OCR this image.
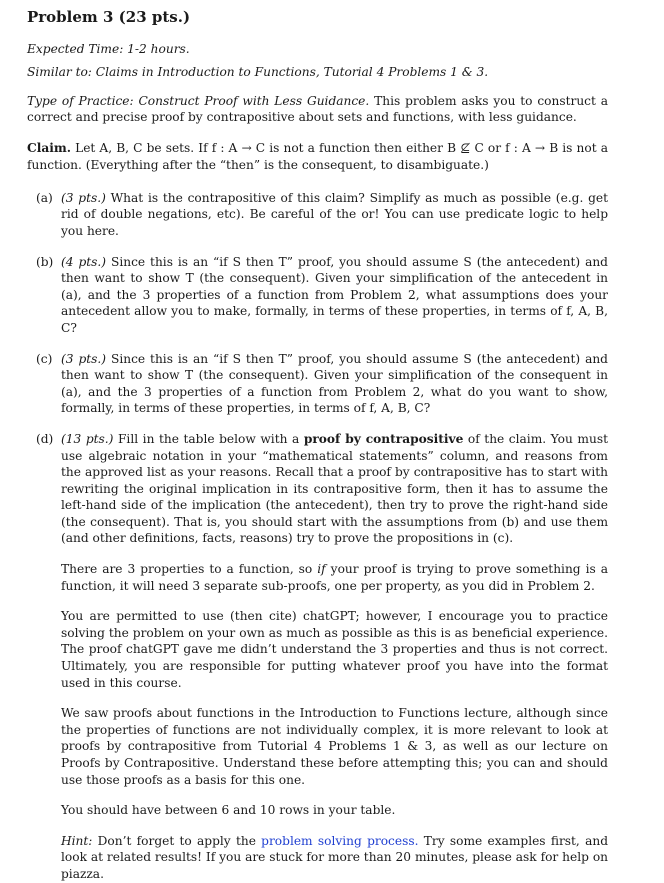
Problem 3 (23 pts.)
Expected Time: 1-2 hours.
Similar to: Claims in Introduction to Functions, Tutorial 4 Problems 1 & 3.
Type of Practice: Construct Proof with Less Guidance. This problem asks you to construct a correct and precise proof by contrapositive about sets and functions, with less guidance.
Claim. Let A, B, C be sets. If f : A → C is not a function then either B ⊈ C or f : A → B is not a function. (Everything after the “then” is the consequent, to disambiguate.)
(a) (3 pts.) What is the contrapositive of this claim? Simplify as much as possible (e.g. get rid of double negations, etc). Be careful of the or! You can use predicate logic to help you here.
(b) (4 pts.) Since this is an “if S then T” proof, you should assume S (the antecedent) and then want to show T (the consequent). Given your simplification of the antecedent in (a), and the 3 properties of a function from Problem 2, what assumptions does your antecedent allow you to make, formally, in terms of these properties, in terms of f, A, B, C?
(c) (3 pts.) Since this is an “if S then T” proof, you should assume S (the antecedent) and then want to show T (the consequent). Given your simplification of the consequent in (a), and the 3 properties of a function from Problem 2, what do you want to show, formally, in terms of these properties, in terms of f, A, B, C?
(d) (13 pts.) Fill in the table below with a proof by contrapositive of the claim. You must use algebraic notation in your “mathematical statements” column, and reasons from the approved list as your reasons. Recall that a proof by contrapositive has to start with rewriting the original implication in its contrapositive form, then it has to assume the left-hand side of the implication (the antecedent), then try to prove the right-hand side (the consequent). That is, you should start with the assumptions from (b) and use them (and other definitions, facts, reasons) try to prove the propositions in (c).
There are 3 properties to a function, so if your proof is trying to prove something is a function, it will need 3 separate sub-proofs, one per property, as you did in Problem 2.
You are permitted to use (then cite) chatGPT; however, I encourage you to practice solving the problem on your own as much as possible as this is as beneficial experience. The proof chatGPT gave me didn’t understand the 3 properties and thus is not correct. Ultimately, you are responsible for putting whatever proof you have into the format used in this course.
We saw proofs about functions in the Introduction to Functions lecture, although since the properties of functions are not individually complex, it is more relevant to look at proofs by contrapositive from Tutorial 4 Problems 1 & 3, as well as our lecture on Proofs by Contrapositive. Understand these before attempting this; you can and should use those proofs as a basis for this one.
You should have between 6 and 10 rows in your table.
Hint: Don’t forget to apply the problem solving process. Try some examples first, and look at related results! If you are stuck for more than 20 minutes, please ask for help on piazza.
